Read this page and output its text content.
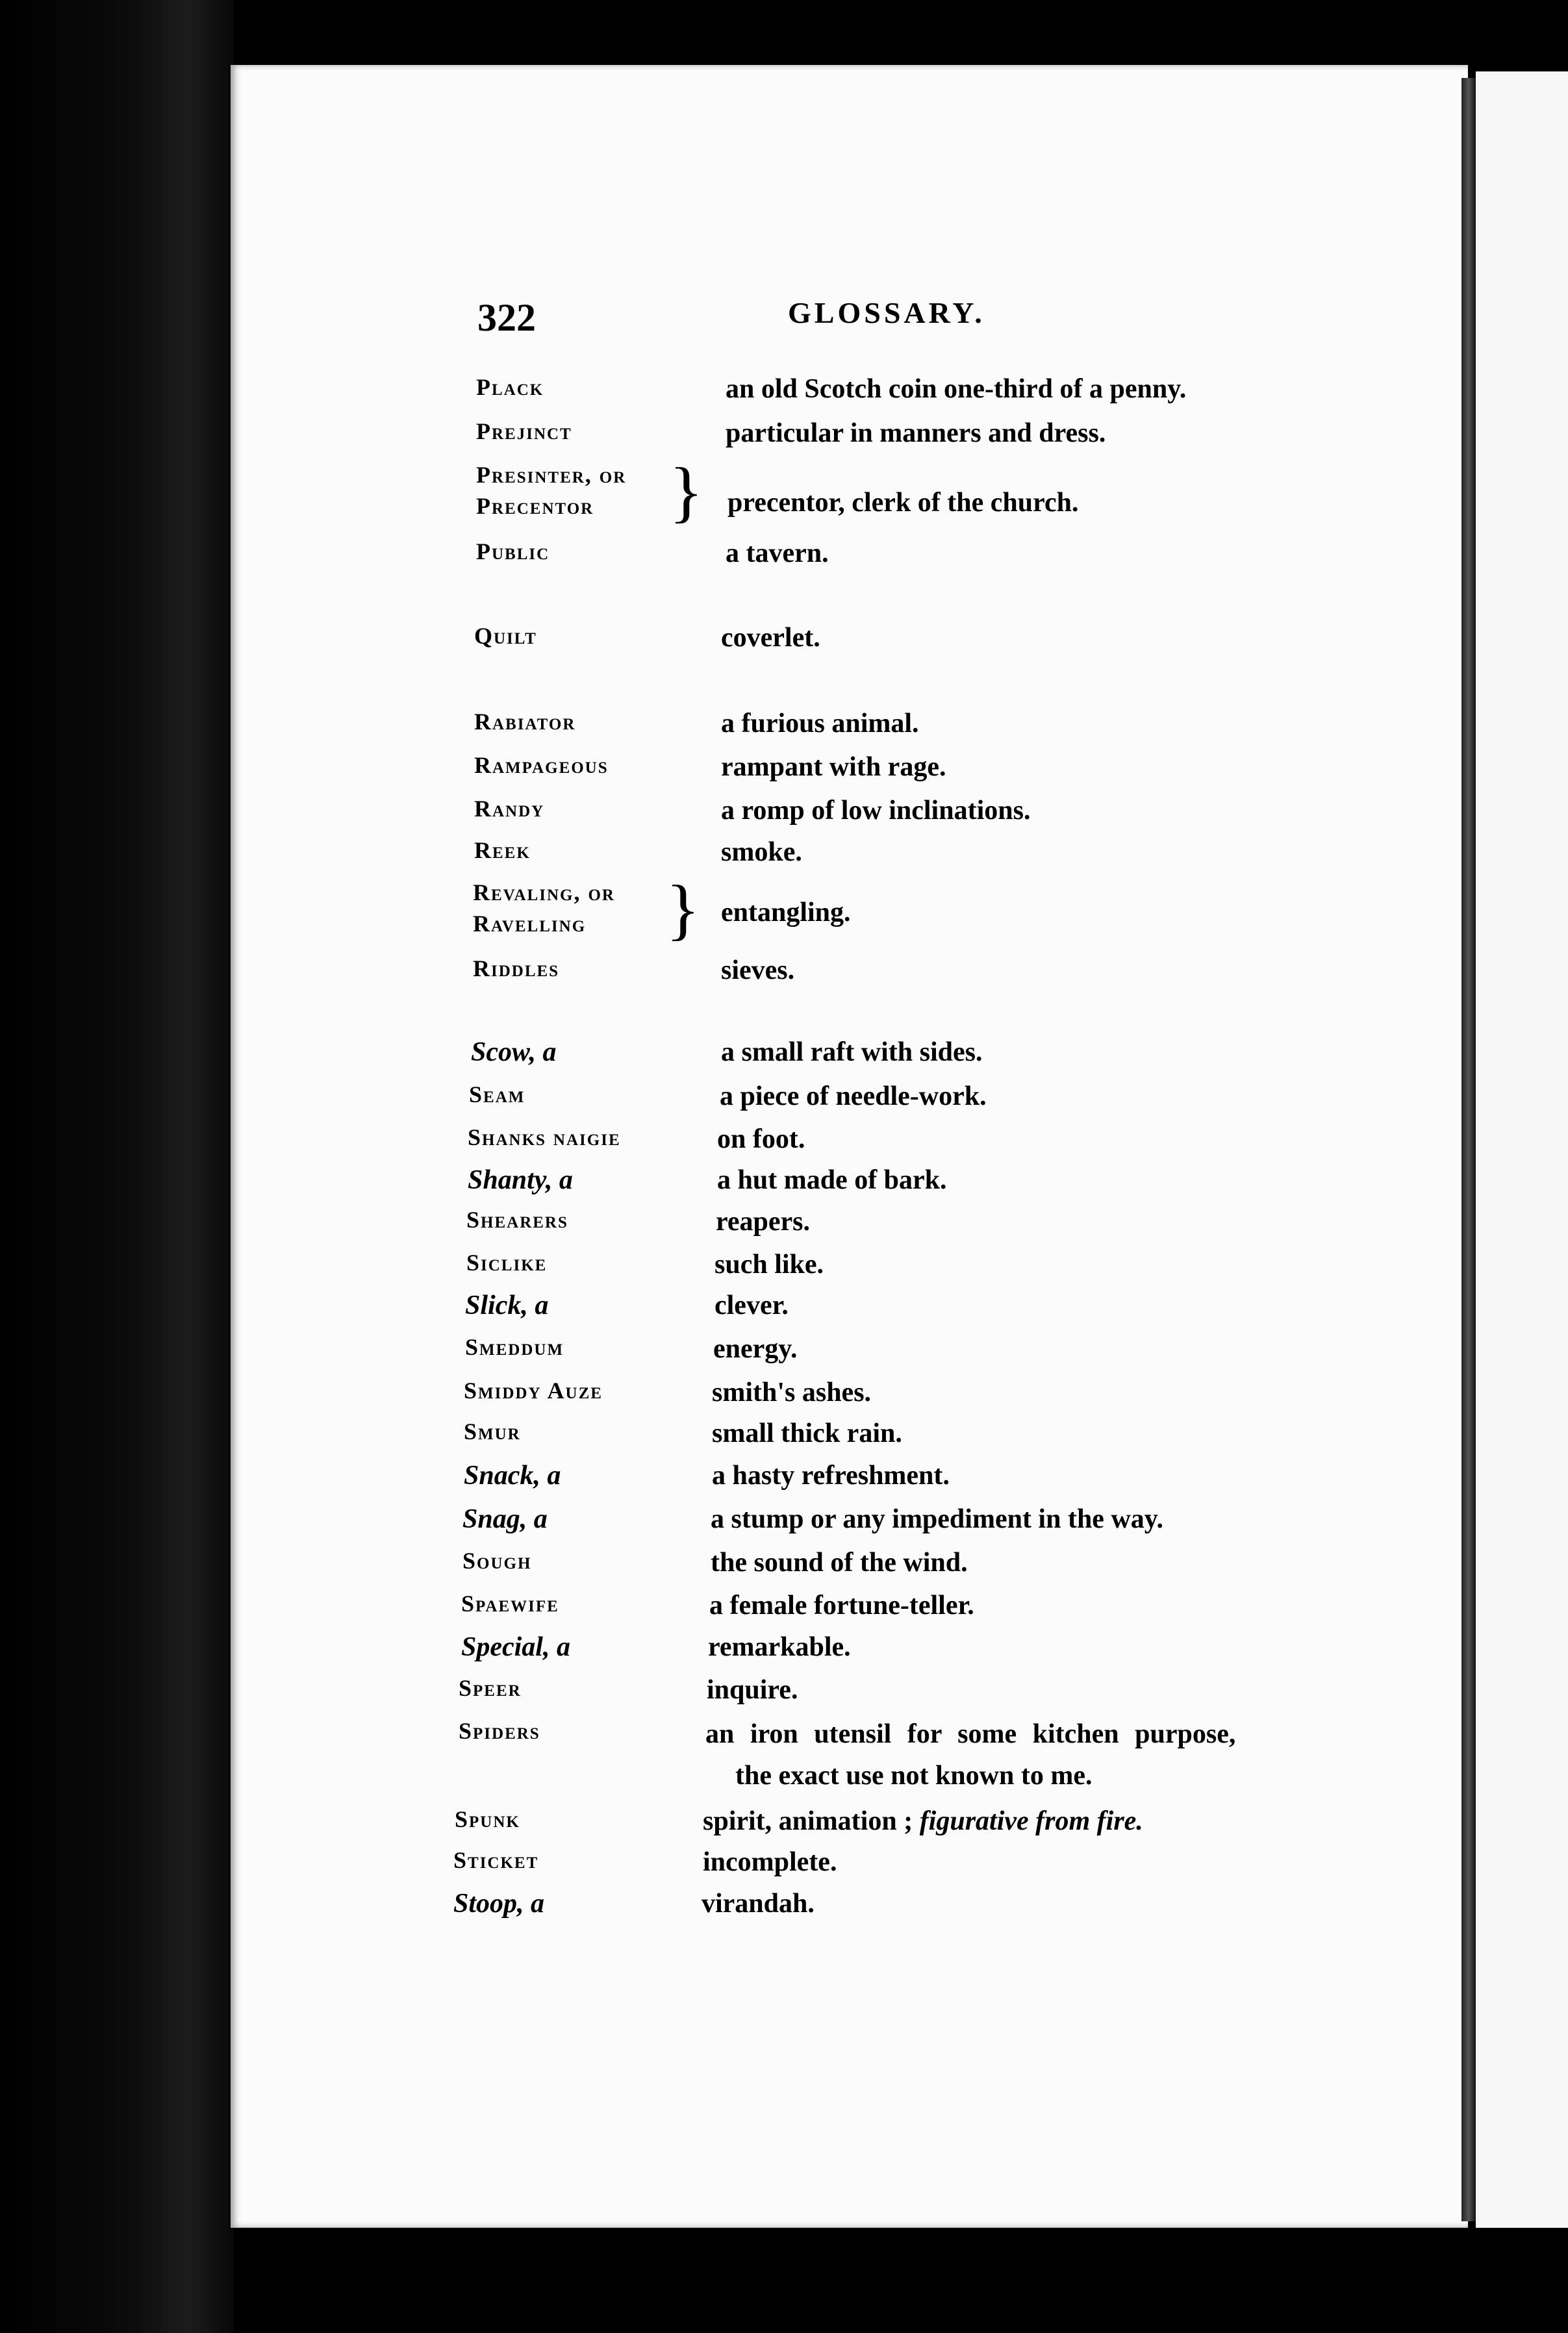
322	GLOSSARY.
Plack	an old Scotch coin one-third of a penny.
Prejinct	particular in manners and dress.
Presinter, or
Precentor } precentor, clerk of the church.
Public	a tavern.
Quilt	coverlet.
Rabiator	a furious animal.
Rampageous	rampant with rage.
Randy	a romp of low inclinations.
Reek	smoke.
Revaling, or
Ravelling } entangling.
Riddles	sieves.
Scow, a	a small raft with sides.
Seam	a piece of needle-work.
Shanks naigie	on foot.
Shanty, a	a hut made of bark.
Shearers	reapers.
Siclike	such like.
Slick, a	clever.
Smeddum	energy.
Smiddy Auze	smith's ashes.
Smur	small thick rain.
Snack, a	a hasty refreshment.
Snag, a	a stump or any impediment in the way.
Sough	the sound of the wind.
Spaewife	a female fortune-teller.
Special, a	remarkable.
Speer	inquire.
Spiders	an iron utensil for some kitchen purpose,
the exact use not known to me.
Spunk	spirit, animation ; figurative from fire.
Sticket	incomplete.
Stoop, a	virandah.
